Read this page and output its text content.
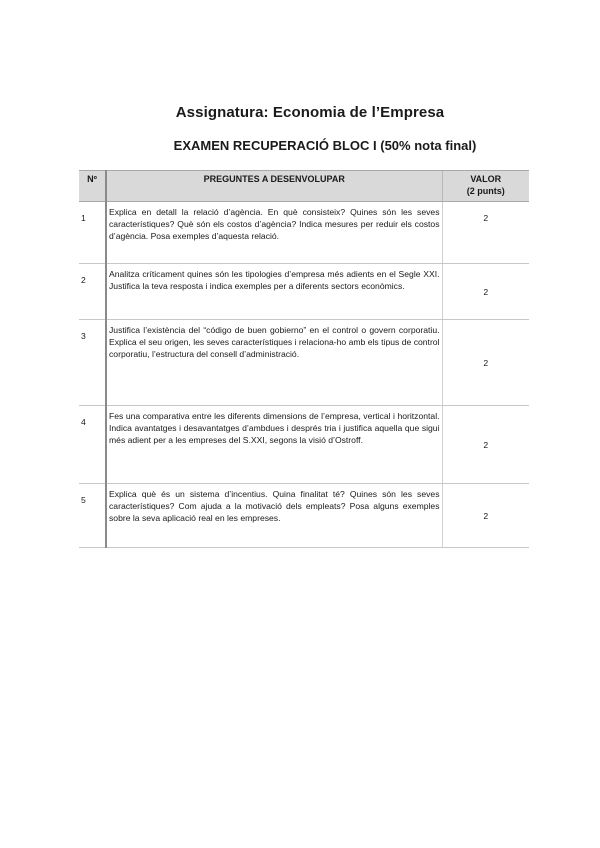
Assignatura: Economia de l’Empresa
EXAMEN RECUPERACIÓ BLOC I (50% nota final)
Nº	PREGUNTES A DESENVOLUPAR	VALOR
(2 punts)
1	Explica en detall la relació d’agència. En què consisteix? Quines són les seves característiques? Què són els costos d’agència? Indica mesures per reduir els costos d’agència. Posa exemples d’aquesta relació.	2
2	Analitza críticament quines són les tipologies d’empresa més adients en el Segle XXI. Justifica la teva resposta i indica exemples per a diferents sectors econòmics.	2
3	Justifica l’existència del “código de buen gobierno” en el control o govern corporatiu. Explica el seu origen, les seves característiques i relaciona-ho amb els tipus de control corporatiu, l’estructura del consell d’administració.	2
4	Fes una comparativa entre les diferents dimensions de l’empresa, vertical i horitzontal. Indica avantatges i desavantatges d’ambdues i després tria i justifica aquella que sigui més adient per a les empreses del S.XXI, segons la visió d’Ostroff.	2
5	Explica què és un sistema d’incentius. Quina finalitat té? Quines són les seves característiques? Com ajuda a la motivació dels empleats? Posa alguns exemples sobre la seva aplicació real en les empreses.	2
